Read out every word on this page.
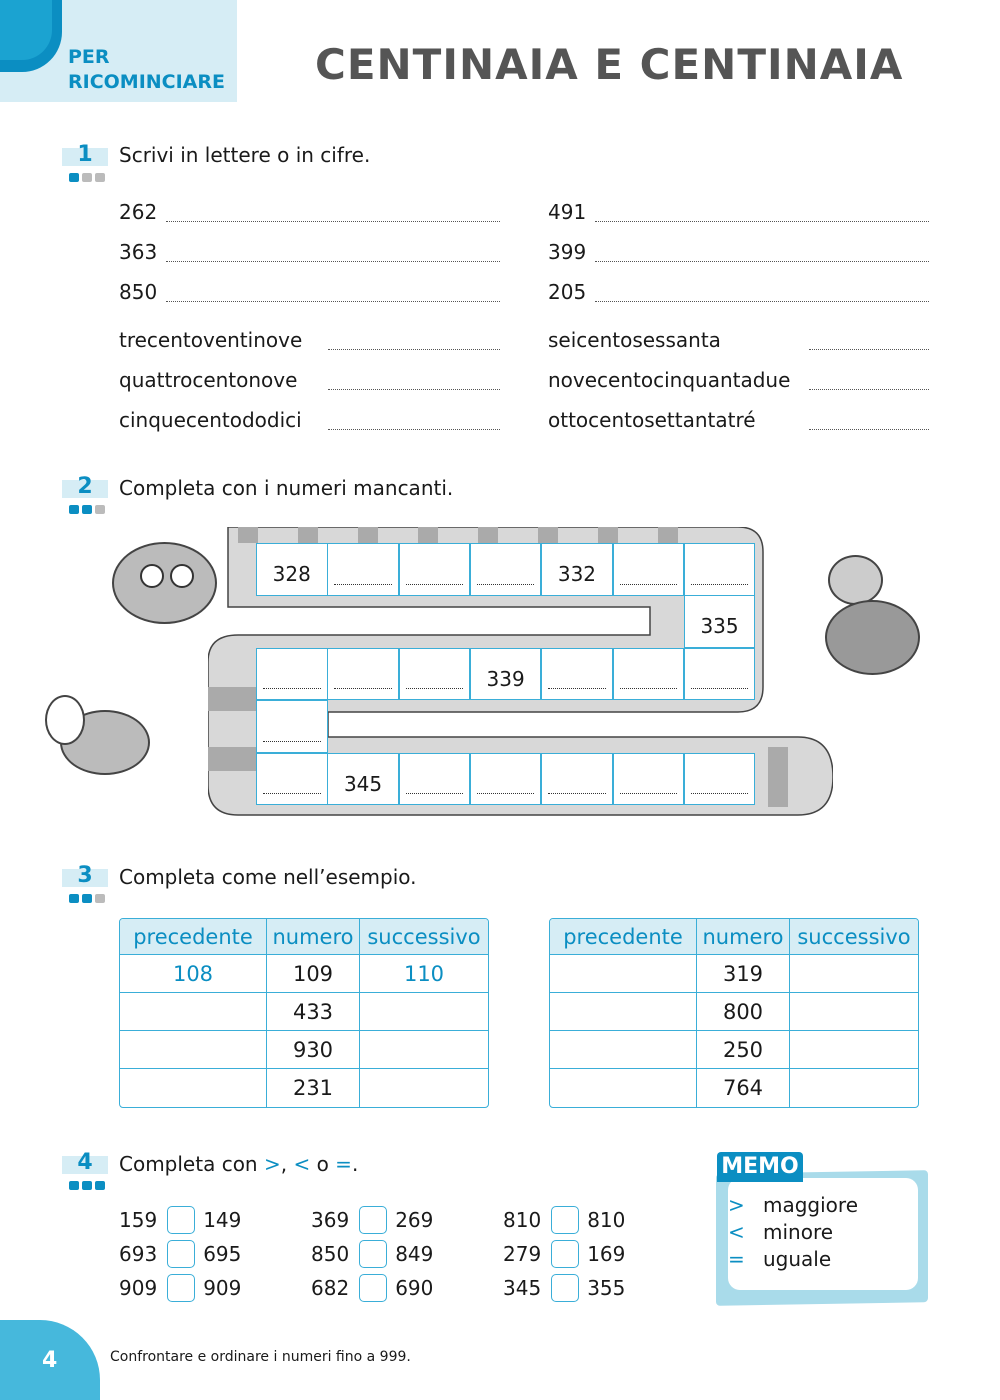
PER
RICOMINCIARE CENTINAIA E CENTINAIA
1	Scrivi in lettere o in cifre.
262	491
trecentoventinove	seicentosessanta
363	399
quattrocentonove	novecentocinquantadue
850	205
cinquecentododici	ottocentosettantatré
2	Completa con i numeri mancanti.
328	332
335
339
345
3	Completa come nell’esempio.
precedente	numero	successivo
108	109	110
	433	
	930	
	231	
precedente	numero	successivo
	319	
	800	
	250	
	764	
4	Completa con >, < o =.
159 149	369 269	810 810
693 695	850 849	279 169
909 909	682 690	345 355
MEMO
> maggiore
< minore
= uguale
4	Confrontare e ordinare i numeri fino a 999.
